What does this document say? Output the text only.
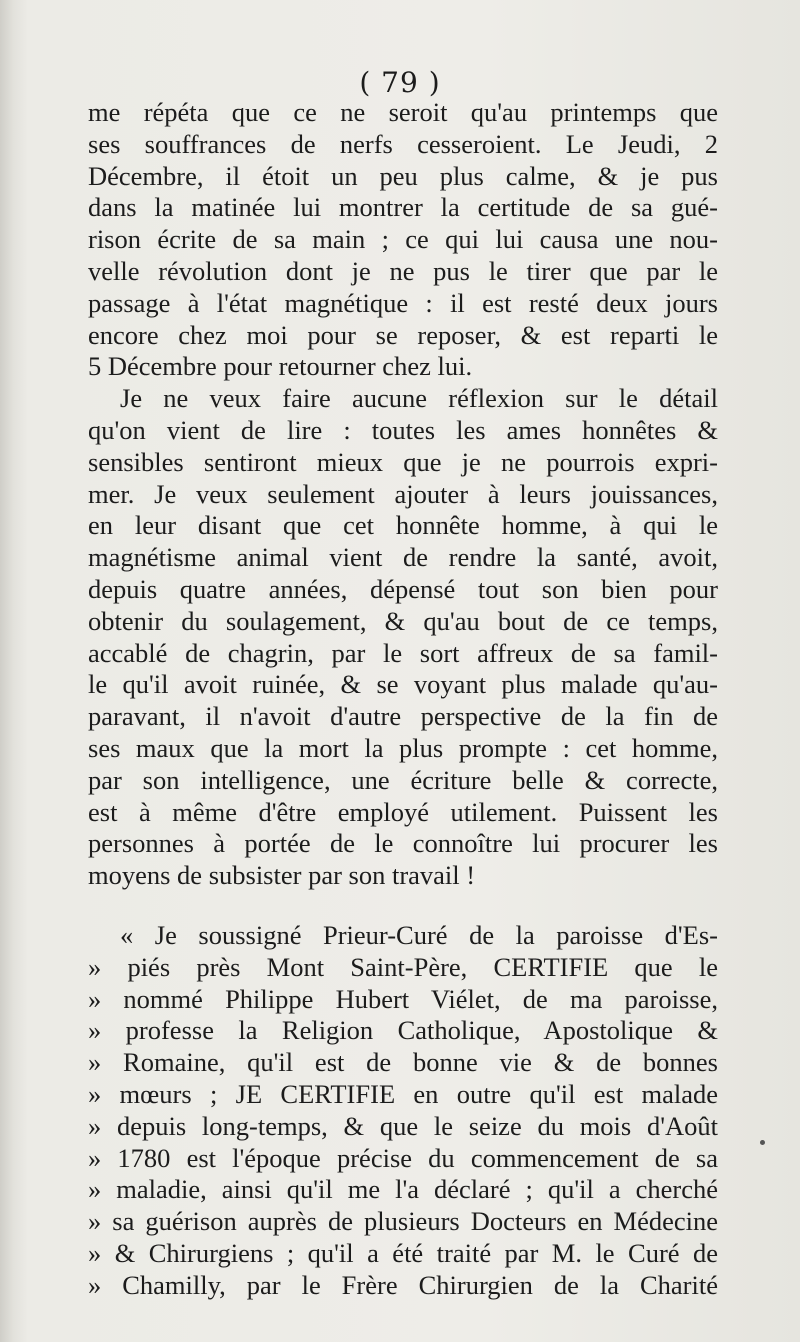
( 79 )
me répéta que ce ne seroit qu'au printemps que
ses souffrances de nerfs cesseroient. Le Jeudi, 2
Décembre, il étoit un peu plus calme, & je pus
dans la matinée lui montrer la certitude de sa gué-
rison écrite de sa main ; ce qui lui causa une nou-
velle révolution dont je ne pus le tirer que par le
passage à l'état magnétique : il est resté deux jours
encore chez moi pour se reposer, & est reparti le
5 Décembre pour retourner chez lui.
Je ne veux faire aucune réflexion sur le détail
qu'on vient de lire : toutes les ames honnêtes &
sensibles sentiront mieux que je ne pourrois expri-
mer. Je veux seulement ajouter à leurs jouissances,
en leur disant que cet honnête homme, à qui le
magnétisme animal vient de rendre la santé, avoit,
depuis quatre années, dépensé tout son bien pour
obtenir du soulagement, & qu'au bout de ce temps,
accablé de chagrin, par le sort affreux de sa famil-
le qu'il avoit ruinée, & se voyant plus malade qu'au-
paravant, il n'avoit d'autre perspective de la fin de
ses maux que la mort la plus prompte : cet homme,
par son intelligence, une écriture belle & correcte,
est à même d'être employé utilement. Puissent les
personnes à portée de le connoître lui procurer les
moyens de subsister par son travail !
« Je soussigné Prieur-Curé de la paroisse d'Es-
» piés près Mont Saint-Père, CERTIFIE que le
» nommé Philippe Hubert Viélet, de ma paroisse,
» professe la Religion Catholique, Apostolique &
» Romaine, qu'il est de bonne vie & de bonnes
» mœurs ; JE CERTIFIE en outre qu'il est malade
» depuis long-temps, & que le seize du mois d'Août
» 1780 est l'époque précise du commencement de sa
» maladie, ainsi qu'il me l'a déclaré ; qu'il a cherché
» sa guérison auprès de plusieurs Docteurs en Médecine
» & Chirurgiens ; qu'il a été traité par M. le Curé de
» Chamilly, par le Frère Chirurgien de la Charité
